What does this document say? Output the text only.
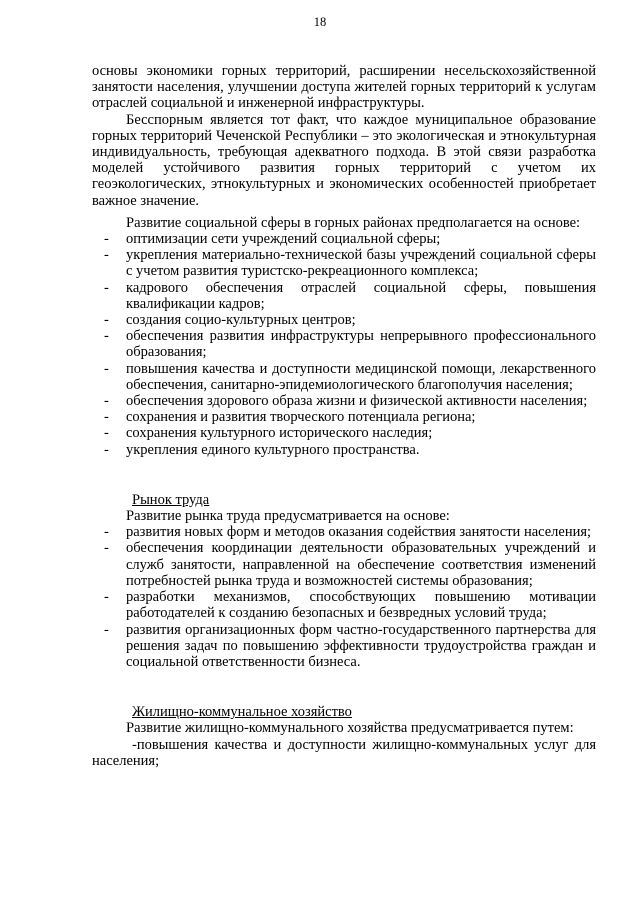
18

основы экономики горных территорий, расширении несельскохозяйственной занятости населения, улучшении доступа жителей горных территорий к услугам отраслей социальной и инженерной инфраструктуры.

Бесспорным является тот факт, что каждое муниципальное образование горных территорий Чеченской Республики – это экологическая и этнокультурная индивидуальность, требующая адекватного подхода. В этой связи разработка моделей устойчивого развития горных территорий с учетом их геоэкологических, этнокультурных и экономических особенностей приобретает важное значение.

Развитие социальной сферы в горных районах предполагается на основе:

- оптимизации сети учреждений социальной сферы;
- укрепления материально-технической базы учреждений социальной сферы с учетом развития туристско-рекреационного комплекса;
- кадрового обеспечения отраслей социальной сферы, повышения квалификации кадров;
- создания социо-культурных центров;
- обеспечения развития инфраструктуры непрерывного профессионального образования;
- повышения качества и доступности медицинской помощи, лекарственного обеспечения, санитарно-эпидемиологического благополучия населения;
- обеспечения здорового образа жизни и физической активности населения;
- сохранения и развития творческого потенциала региона;
- сохранения культурного исторического наследия;
- укрепления единого культурного пространства.

Рынок труда

Развитие рынка труда предусматривается на основе:

- развития новых форм и методов оказания содействия занятости населения;
- обеспечения координации деятельности образовательных учреждений и служб занятости, направленной на обеспечение соответствия изменений потребностей рынка труда и возможностей системы образования;
- разработки механизмов, способствующих повышению мотивации работодателей к созданию безопасных и безвредных условий труда;
- развития организационных форм частно-государственного партнерства для решения задач по повышению эффективности трудоустройства граждан и социальной ответственности бизнеса.

Жилищно-коммунальное хозяйство

Развитие жилищно-коммунального хозяйства предусматривается путем:

-повышения качества и доступности жилищно-коммунальных услуг для населения;
